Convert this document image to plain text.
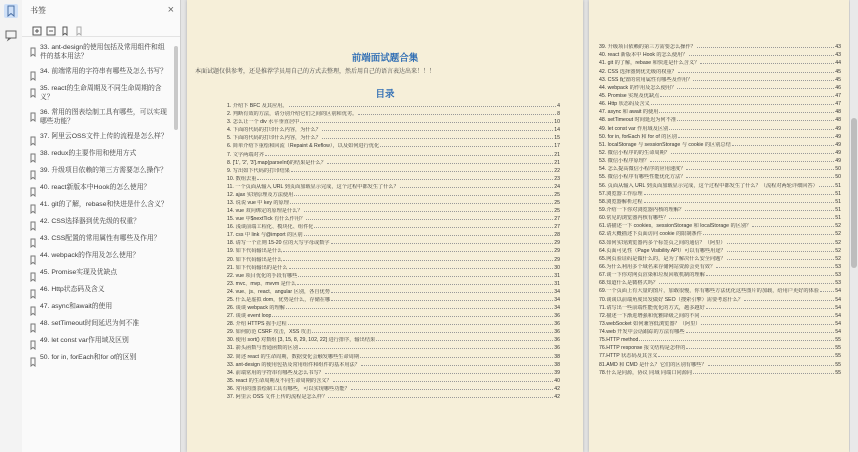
书签	×
33. ant-design的使用包括及常用组件和组件的基本用法？
34. 前端常用的字符串有哪些及怎么书写？
35. react的生命周期及不同生命周期的含义？
36. 常用的图表绘制工具有哪些，可以实现哪些功能？
37. 阿里云OSS文件上传的流程是怎么样？
38. redux的主要作用和使用方式
39. 升级项目依赖的第三方需要怎么操作？
40. react新版本中Hook的怎么使用？
41. git的了解，rebase和快进是什么含义？
42. CSS选择器到优先级的权重？
43. CSS配置的常用属性有哪些及作用？
44. webpack的作用及怎么使用？
45. Promise实现及优缺点
46. Http状态码及含义
47. async和await的使用
48. setTimeout时间延迟为何不准
49. let const var作用域及区别
50. for in, forEach和for of的区别
前端面试题合集
本面试题仅供参考，还是推荐学员用自己的方式去整理，然后用自己的语言表达出来！！！
目录
1. 介绍下 BFC 及其应用。	4
2. 判断有效的方法，请分别介绍它们之间的区别和优劣。	8
3. 怎么让一个 div 水平垂直居中	10
4. 下面的代码的打印什么内容，为什么？	14
5. 下面的代码的打印什么内容，为什么？	15
6. 简单介绍下重绘和回流（Repaint & Reflow），以及如何进行优化	17
7. 文字两端对齐	21
8. ['1', '2', '3'].map(parseInt)的结果是什么？	21
9. 写出如下代码的打印结果	22
10. 数组去重	23
11. 一个页面从输入 URL 到页面加载显示完成，这个过程中都发生了什么？	24
12. ajax 实现原理及方法使用	25
13. 说说 vue 中 key 的原理	25
14. vue 双向绑定的原理是什么？	25
15. vue 中$nextTick 有什么作用？	27
16. 浅谈前端工程化、模块化、组件化	27
17. css 中 link 与@import 的区别	28
18. 请写一个正则 15-20 位的大写字母或数字	29
19. 如下代码输出是什么	29
20. 如下代码输出是什么	29
21. 如下代码输出的是什么	30
22. vue 项目优化的手段有哪些	31
23. mvc、mvp、mvvm 是什么	31
24. vue、js、react、angular 区别，各自优势	34
25. 什么是虚拟 dom，优势是什么，存储在哪	34
26. 谈谈 webpack 的理解	34
27. 谈谈 event loop	36
28. 介绍 HTTPS 握手过程	36
29. 如何防范 CSRF 攻击，XSS 攻击	36
30. 使用 sort() 对数组 [3, 15, 8, 29, 102, 22] 进行排序，输出结果	36
31. 箭头函数与普通函数的区别	36
32. 简述 react 的生命周期，数据变化会触发哪些生命周期	38
33. ant-design 的使用包括及常用组件和组件的基本用法？	38
34. 前端常用的字符串有哪些及怎么书写？	39
35. react 的生命周期及不同生命周期的含义？	40
36. 常用的图表绘制工具有哪些，可以实现哪些功能？	42
37. 阿里云 OSS 文件上传的流程是怎么样？	42
39. 升级项目依赖的第三方需要怎么操作？	43
40. react 新版本中 Hook 的怎么使用？	43
41. git 的了解，rebase 和快进是什么含义？	44
42. CSS 选择器到优先级的权重？	45
43. CSS 配置的常用属性有哪些及作用？	45
44. webpack 的作用及怎么使用？	46
45. Promise 实现及优缺点	47
46. Http 状态码及含义	47
47. async 和 await 的使用	48
48. setTimeout 时间延迟为何不准	48
49. let const var 作用域及区别	49
50. for in, forEach 和 for of 的区别	49
51. localStorage 与 sessionStorage 与 cookie 的区别总结	49
52. 微信小程序的的生命周期？	49
53. 微信小程序原理？	49
54. 怎么提高微信小程序的应用速度？	50
55. 微信小程序有哪些性能优化方法？	50
56. 页面从输入 URL 到页面加载显示完成，这个过程中都发生了什么？（流程对两轮详细回答）	51
57.浏览器工作原理	51
58.浏览器解析过程	51
59.介绍一下你对浏览器内核的理解？	51
60.常见的浏览器内核有哪些？	51
61.请描述一下 cookies，sessionStorage 和 localStorage 的区别？	52
62.请大概描述下页面访问 cookie 的限制条件	52
63.如何实现浏览器内多个标签页之间的通信？（阿里）	52
64.页面可见性（Page Visibility API）可以有哪些用途？	52
65.网页验证码是做什么的，是为了解决什么安全问题？	52
66.为什么利用多个域名来存储网站资源会更有效？	53
67.谈一下你对网页渲染和垃圾回收机制的理解	53
68.知道什么是微格式吗？	53
69.一个页面上有大量的图片，加载很慢，你有哪些方法优化这些图片的加载，给用户更好的体验	54
70.谈谈以前端角度出发做好 SEO（搜索引擎）需要考虑什么？	54
71.请写出一些前端性能优化的方式，越多越好	54
72.描述一下渐进增强和优雅降级之间的不同	54
73.webSocket 如何兼容低浏览器？（阿里）	54
74.web 开发中会话跟踪的方法有哪些	54
75.HTTP method	55
76.HTTP response 报文结构是怎样的	55
77.HTTP 状态码及其含义	55
81.AMD 和 CMD 是什么？它们的区别有哪些？	55
78.什么是同源，协议 同域 同端口同源同	55
